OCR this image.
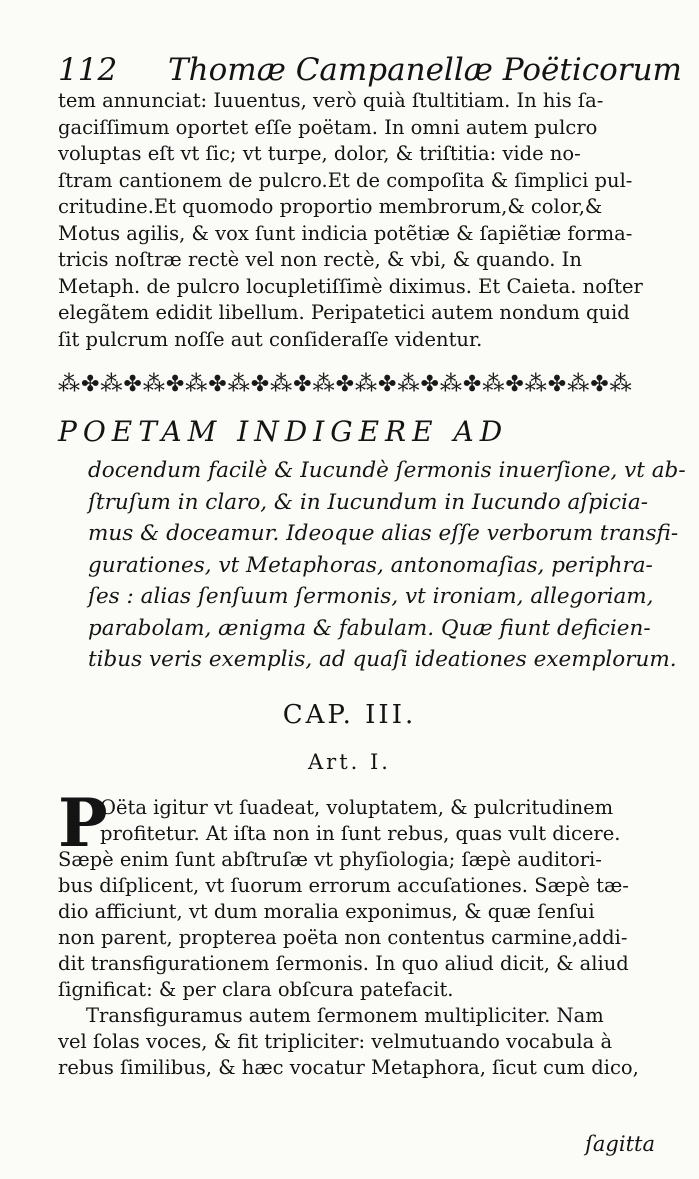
112 Thomæ Campanellæ Poëticorum
tem annunciat: Iuuentus, verò quià ſtultitiam. In his ſa-
gaciſſimum oportet eſſe poëtam. In omni autem pulcro
voluptas eſt vt ſic; vt turpe, dolor, & triſtitia: vide no-
ſtram cantionem de pulcro.Et de compoſita & ſimplici pul-
critudine.Et quomodo proportio membrorum,& color,&
Motus agilis, & vox ſunt indicia potẽtiæ & ſapiẽtiæ forma-
tricis noſtræ rectè vel non rectè, & vbi, & quando. In
Metaph. de pulcro locupletiſſimè diximus. Et Caieta. noſter
elegãtem edidit libellum. Peripatetici autem nondum quid
ſit pulcrum noſſe aut conſideraſſe videntur.
⁂✤⁂✤⁂✤⁂✤⁂✤⁂✤⁂✤⁂✤⁂✤⁂✤⁂✤⁂✤⁂✤⁂
POETAM INDIGERE AD
docendum facilè & Iucundè ſermonis inuerſione, vt ab-
ſtruſum in claro, & in Iucundum in Iucundo aſpicia-
mus & doceamur. Ideoque alias eſſe verborum transfi-
gurationes, vt Metaphoras, antonomaſias, periphra-
ſes : alias ſenſuum ſermonis, vt ironiam, allegoriam,
parabolam, ænigma & fabulam. Quæ fiunt deficien-
tibus veris exemplis, ad quaſi ideationes exemplorum.
CAP. III.
Art. I.
P
Oëta igitur vt ſuadeat, voluptatem, & pulcritudinem
profitetur. At iſta non in ſunt rebus, quas vult dicere.
Sæpè enim ſunt abſtruſæ vt phyſiologia; ſæpè auditori-
bus diſplicent, vt ſuorum errorum accuſationes. Sæpè tæ-
dio afficiunt, vt dum moralia exponimus, & quæ ſenſui
non parent, propterea poëta non contentus carmine,addi-
dit transfigurationem ſermonis. In quo aliud dicit, & aliud
ſignificat: & per clara obſcura patefacit.
Transfiguramus autem ſermonem multipliciter. Nam
vel ſolas voces, & fit tripliciter: velmutuando vocabula à
rebus ſimilibus, & hæc vocatur Metaphora, ſicut cum dico,
ſagitta
